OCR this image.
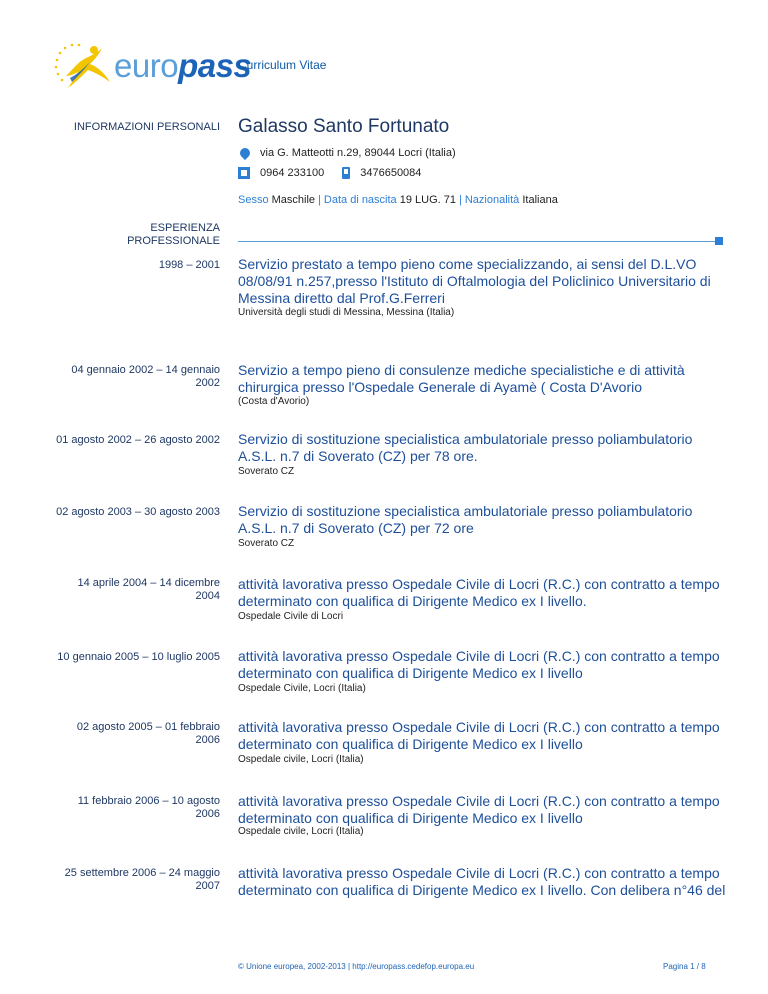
europass
Curriculum Vitae
INFORMAZIONI PERSONALI Galasso Santo Fortunato
via G. Matteotti n.29, 89044 Locri (Italia)
0964 233100	3476650084
Sesso Maschile | Data di nascita 19 LUG. 71 | Nazionalità Italiana
ESPERIENZA
PROFESSIONALE
1998 – 2001 Servizio prestato a tempo pieno come specializzando, ai sensi del D.L.VO 08/08/91 n.257,presso l'Istituto di Oftalmologia del Policlinico Universitario di Messina diretto dal Prof.G.Ferreri
Università degli studi di Messina, Messina (Italia)
04 gennaio 2002 – 14 gennaio
2002
Servizio a tempo pieno di consulenze mediche specialistiche e di attività chirurgica presso l'Ospedale Generale di Ayamè ( Costa D'Avorio
(Costa d'Avorio)
01 agosto 2002 – 26 agosto 2002 Servizio di sostituzione specialistica ambulatoriale presso poliambulatorio A.S.L. n.7 di Soverato (CZ) per 78 ore.
Soverato CZ
02 agosto 2003 – 30 agosto 2003 Servizio di sostituzione specialistica ambulatoriale presso poliambulatorio A.S.L. n.7 di Soverato (CZ) per 72 ore
Soverato CZ
14 aprile 2004 – 14 dicembre
2004
attività lavorativa presso Ospedale Civile di Locri (R.C.) con contratto a tempo determinato con qualifica di Dirigente Medico ex I livello.
Ospedale Civile di Locri
10 gennaio 2005 – 10 luglio 2005 attività lavorativa presso Ospedale Civile di Locri (R.C.) con contratto a tempo determinato con qualifica di Dirigente Medico ex I livello
Ospedale Civile, Locri (Italia)
02 agosto 2005 – 01 febbraio
2006
attività lavorativa presso Ospedale Civile di Locri (R.C.) con contratto a tempo determinato con qualifica di Dirigente Medico ex I livello
Ospedale civile, Locri (Italia)
11 febbraio 2006 – 10 agosto
2006
attività lavorativa presso Ospedale Civile di Locri (R.C.) con contratto a tempo determinato con qualifica di Dirigente Medico ex I livello
Ospedale civile, Locri (Italia)
25 settembre 2006 – 24 maggio
2007
attività lavorativa presso Ospedale Civile di Locri (R.C.) con contratto a tempo determinato con qualifica di Dirigente Medico ex I livello. Con delibera n°46 del
© Unione europea, 2002-2013 | http://europass.cedefop.europa.eu	Pagina 1 / 8
